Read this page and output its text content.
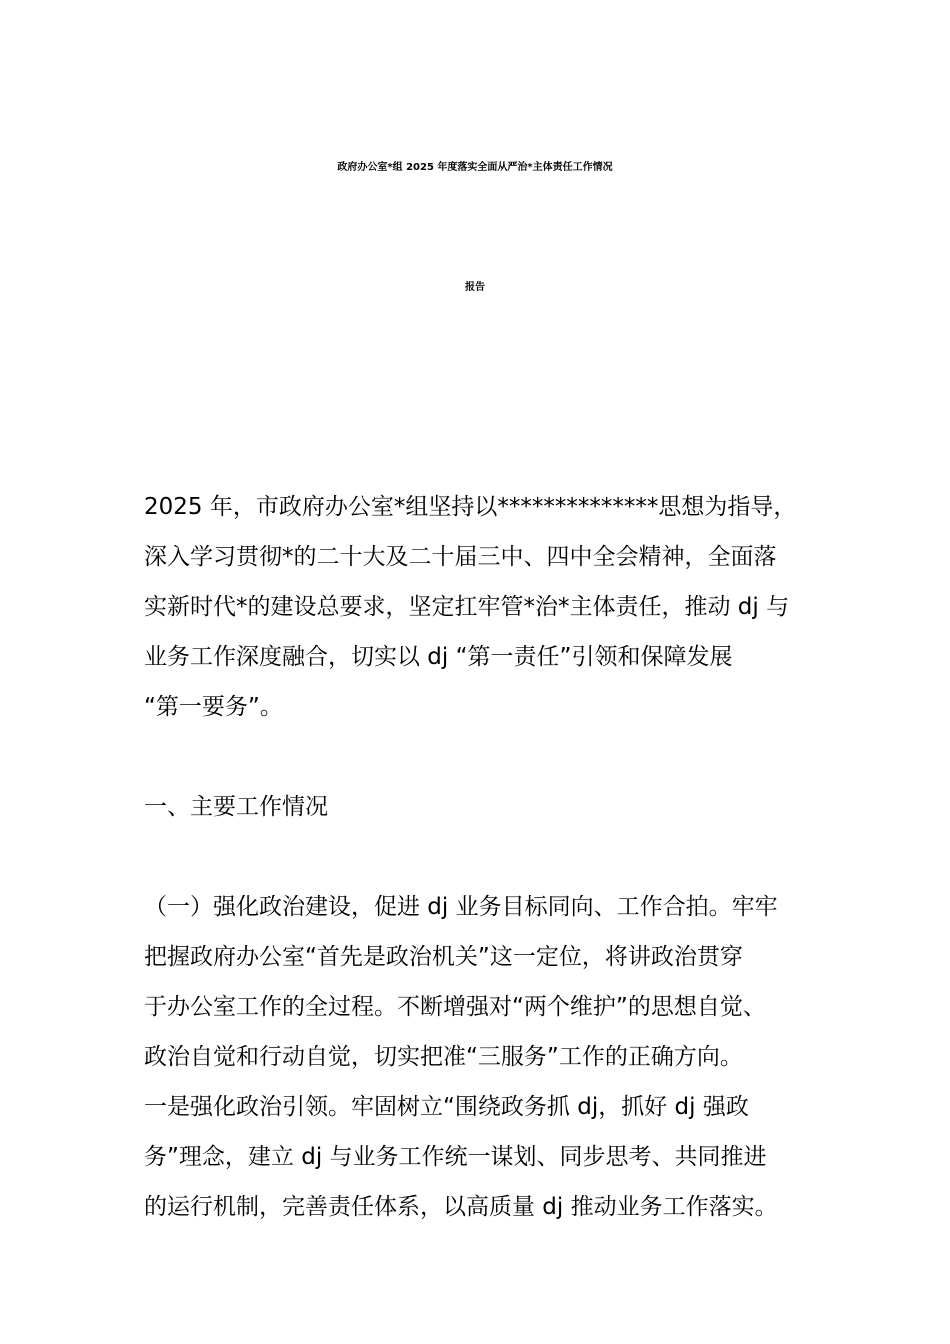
政府办公室*组 2025 年度落实全面从严治*主体责任工作情况
报告
2025 年，市政府办公室*组坚持以**************思想为指导，
深入学习贯彻*的二十大及二十届三中、四中全会精神，全面落
实新时代*的建设总要求，坚定扛牢管*治*主体责任，推动 dj 与
业务工作深度融合，切实以 dj “第一责任”引领和保障发展
“第一要务”。
一、主要工作情况
（一）强化政治建设，促进 dj 业务目标同向、工作合拍。牢牢
把握政府办公室“首先是政治机关”这一定位，将讲政治贯穿
于办公室工作的全过程。不断增强对“两个维护”的思想自觉、
政治自觉和行动自觉，切实把准“三服务”工作的正确方向。
一是强化政治引领。牢固树立“围绕政务抓 dj，抓好 dj 强政
务”理念，建立 dj 与业务工作统一谋划、同步思考、共同推进
的运行机制，完善责任体系，以高质量 dj 推动业务工作落实。
